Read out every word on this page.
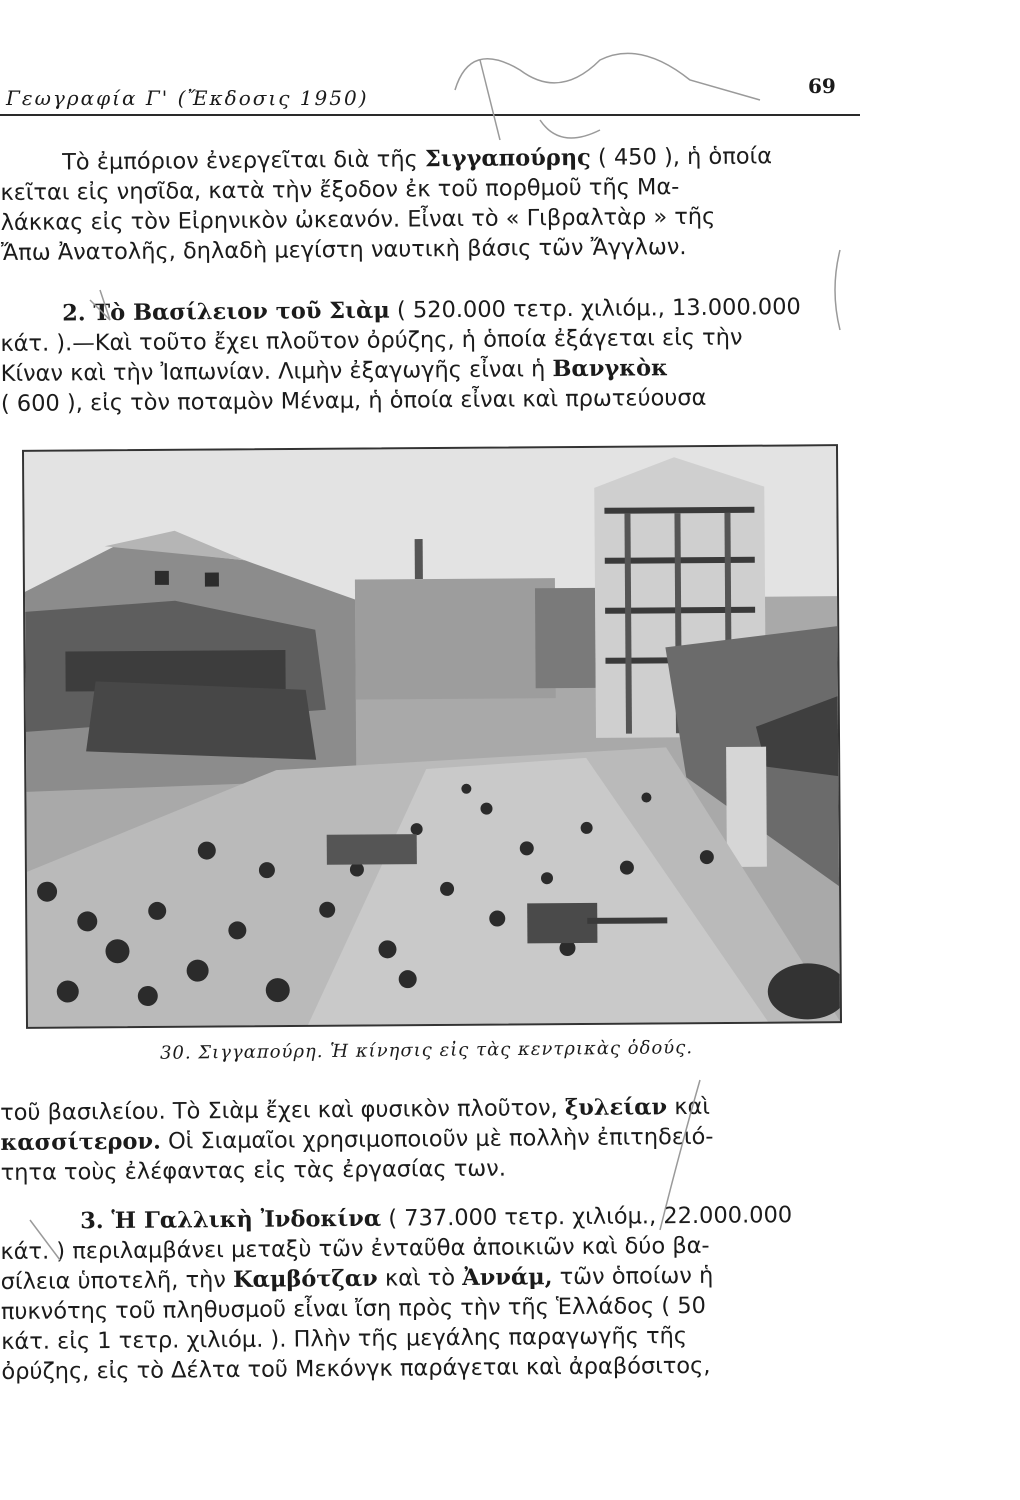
Γεωγραφία Γ' (Ἔκδοσις 1950)	69
Τὸ ἐμπόριον ἐνεργεῖται διὰ τῆς Σιγγαπούρης ( 450 ), ἡ ὁποία
κεῖται εἰς νησῖδα, κατὰ τὴν ἔξοδον ἐκ τοῦ πορθμοῦ τῆς Μα-
λάκκας εἰς τὸν Εἰρηνικὸν ὠκεανόν. Εἶναι τὸ « Γιβραλτὰρ » τῆς
Ἄπω Ἀνατολῆς, δηλαδὴ μεγίστη ναυτικὴ βάσις τῶν Ἄγγλων.
2. Τὸ Βασίλειον τοῦ Σιὰμ ( 520.000 τετρ. χιλιόμ., 13.000.000
κάτ. ).—Καὶ τοῦτο ἔχει πλοῦτον ὀρύζης, ἡ ὁποία ἐξάγεται εἰς τὴν
Κίναν καὶ τὴν Ἰαπωνίαν. Λιμὴν ἐξαγωγῆς εἶναι ἡ Βανγκὸκ
( 600 ), εἰς τὸν ποταμὸν Μέναμ, ἡ ὁποία εἶναι καὶ πρωτεύουσα
30. Σιγγαπούρη. Ἡ κίνησις εἰς τὰς κεντρικὰς ὁδούς.
τοῦ βασιλείου. Τὸ Σιὰμ ἔχει καὶ φυσικὸν πλοῦτον, ξυλείαν καὶ
κασσίτερον. Οἱ Σιαμαῖοι χρησιμοποιοῦν μὲ πολλὴν ἐπιτηδειό-
τητα τοὺς ἐλέφαντας εἰς τὰς ἐργασίας των.
3. Ἡ Γαλλικὴ Ἰνδοκίνα ( 737.000 τετρ. χιλιόμ., 22.000.000
κάτ. ) περιλαμβάνει μεταξὺ τῶν ἐνταῦθα ἀποικιῶν καὶ δύο βα-
σίλεια ὑποτελῆ, τὴν Καμβότζαν καὶ τὸ Ἀννάμ, τῶν ὁποίων ἡ
πυκνότης τοῦ πληθυσμοῦ εἶναι ἴση πρὸς τὴν τῆς Ἑλλάδος ( 50
κάτ. εἰς 1 τετρ. χιλιόμ. ). Πλὴν τῆς μεγάλης παραγωγῆς τῆς
ὀρύζης, εἰς τὸ Δέλτα τοῦ Μεκόνγκ παράγεται καὶ ἀραβόσιτος,
